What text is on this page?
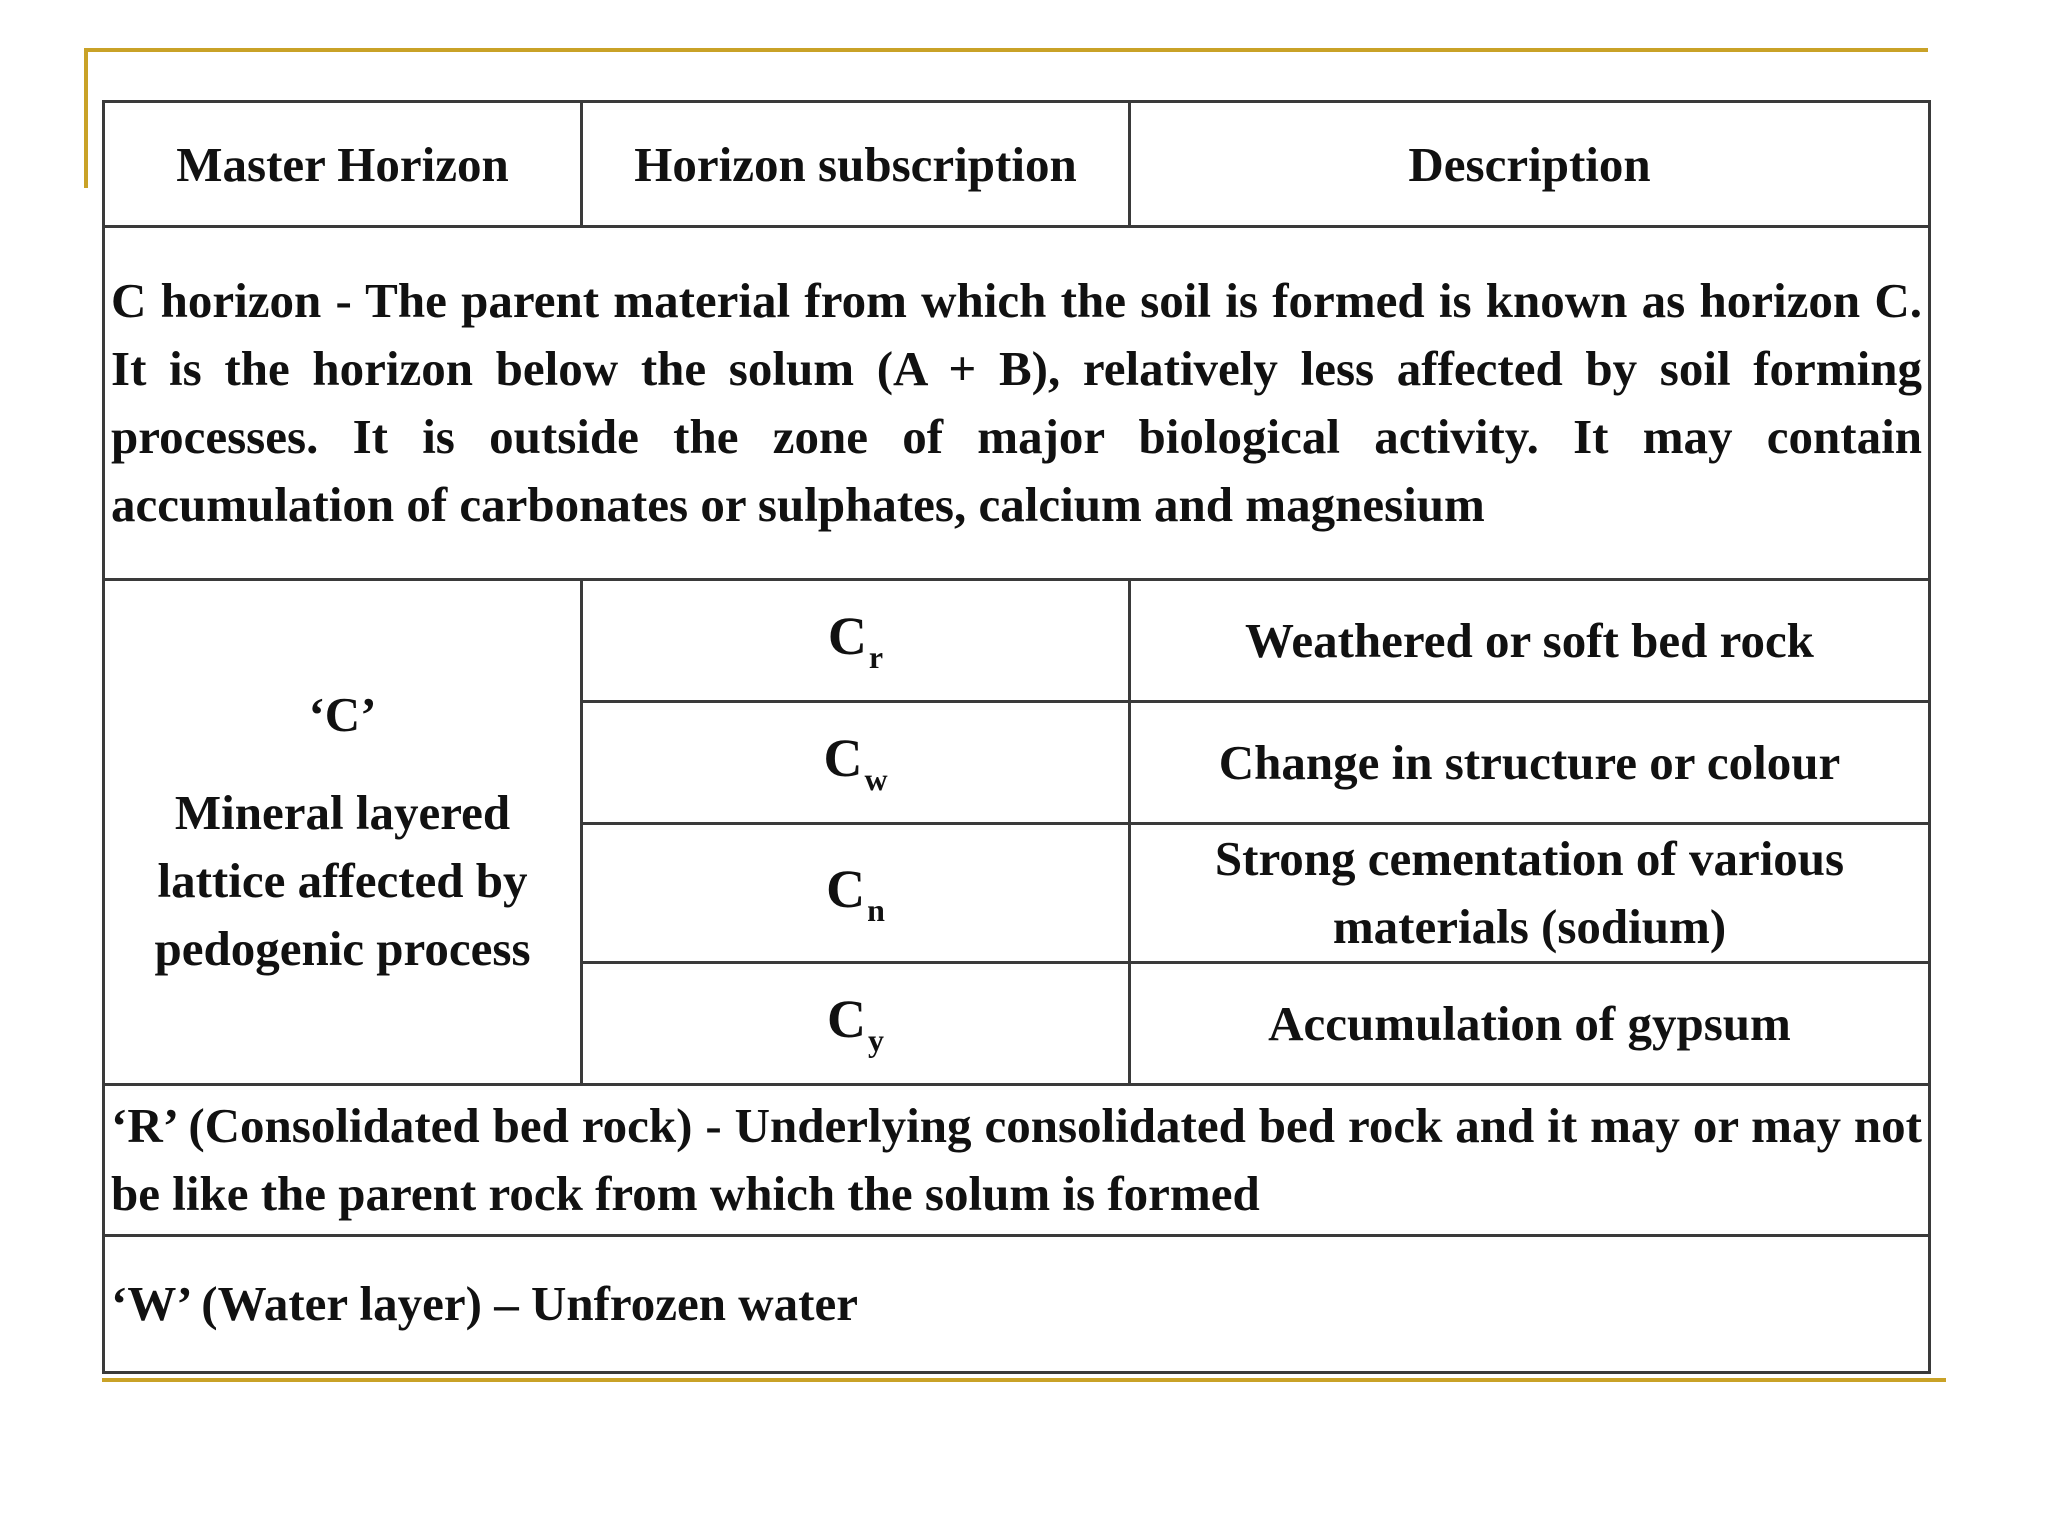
Master Horizon	Horizon subscription	Description
C horizon - The parent material from which the soil is formed is known as horizon C. It is the horizon below the solum (A + B), relatively less affected by soil forming processes. It is outside the zone of major biological activity. It may contain accumulation of carbonates or sulphates, calcium and magnesium		

‘C’
Mineral layered lattice affected by pedogenic process	$C_r$	Weathered or soft bed rock
	$C_w$	Change in structure or colour
	$C_n$	Strong cementation of various materials (sodium)
	$C_y$	Accumulation of gypsum
‘R’ (Consolidated bed rock) - Underlying consolidated bed rock and it may or may not be like the parent rock from which the solum is formed		
‘W’ (Water layer) – Unfrozen water		
